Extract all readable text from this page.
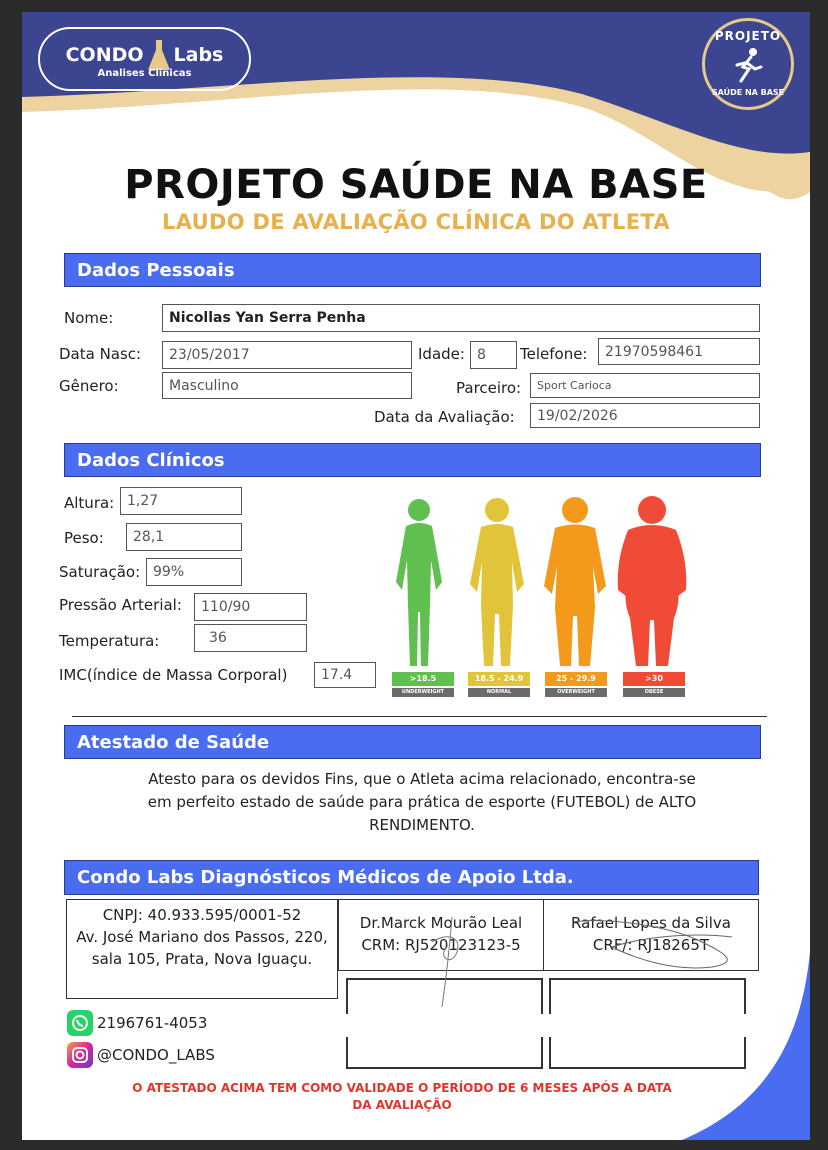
CONDO Labs
Analises Clinicas
PROJETO
SAÚDE NA BASE
PROJETO SAÚDE NA BASE
LAUDO DE AVALIAÇÃO CLÍNICA DO ATLETA
Dados Pessoais
Nome:	Nicollas Yan Serra Penha
Data Nasc:	23/05/2017	Idade: 8	Telefone:	21970598461
Gênero:	Masculino	Parceiro:	Sport Carioca
Data da Avaliação:	19/02/2026
Dados Clínicos
Altura: 1,27
Peso:	28,1
Saturação: 99%
Pressão Arterial:	110/90
Temperatura:	36
IMC(índice de Massa Corporal)	17.4	>18.5
UNDERWEIGHT
18.5 - 24.9
NORMAL
25 - 29.9
OVERWEIGHT
>30
OBESE
Atestado de Saúde
Atesto para os devidos Fins, que o Atleta acima relacionado, encontra-se em perfeito estado de saúde para prática de esporte (FUTEBOL) de ALTO RENDIMENTO.
Condo Labs Diagnósticos Médicos de Apoio Ltda.
CNPJ: 40.933.595/0001-52
Av. José Mariano dos Passos, 220, sala 105, Prata, Nova Iguaçu.
Dr.Marck Mourão Leal
CRM: RJ520123123-5
Rafael Lopes da Silva
CRF/: RJ18265T
2196761-4053
@CONDO_LABS
O ATESTADO ACIMA TEM COMO VALIDADE O PERÍODO DE 6 MESES APÓS A DATA DA AVALIAÇÃO
